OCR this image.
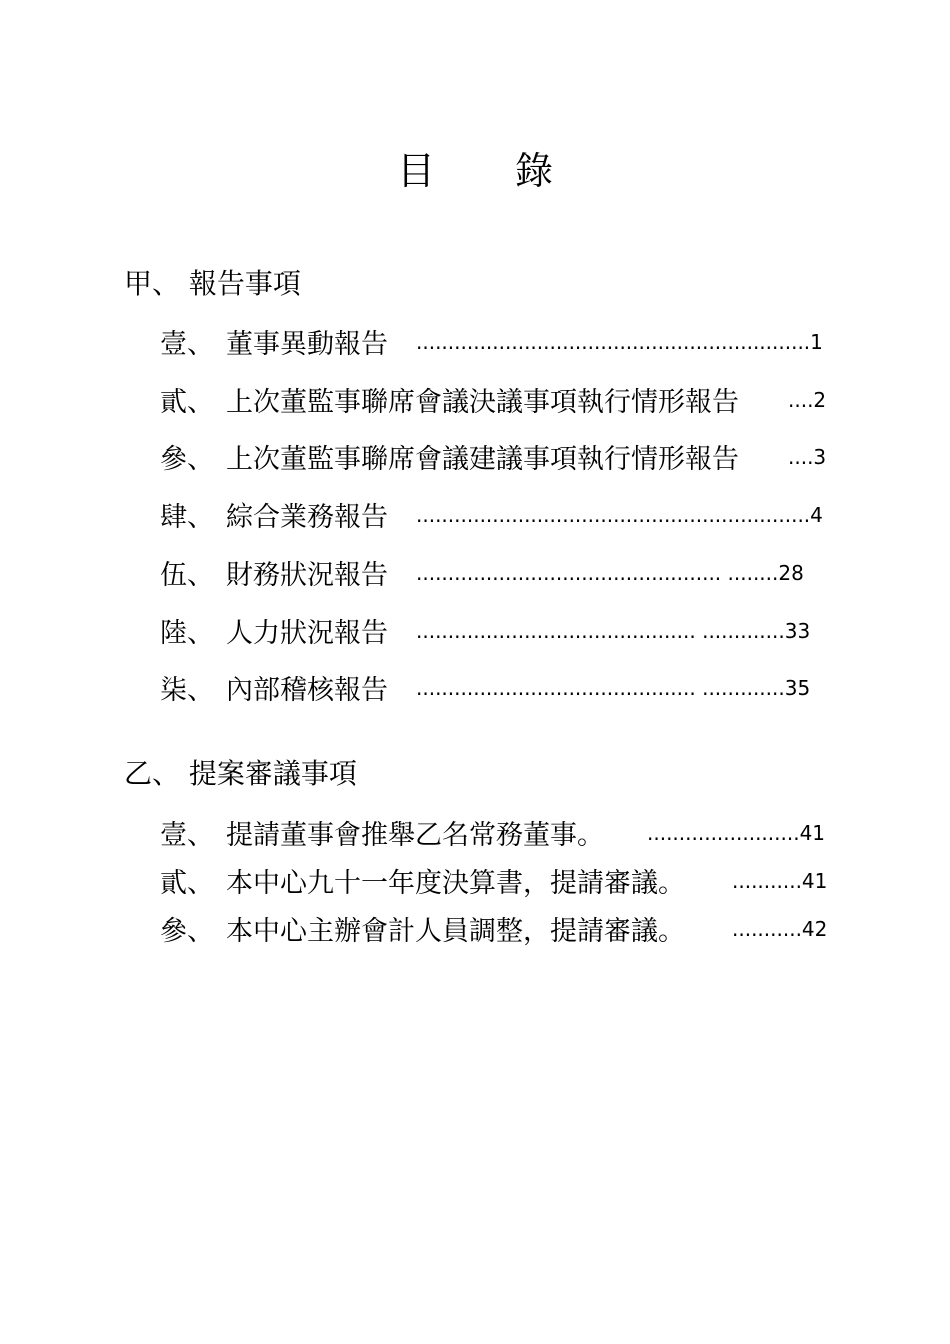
目 錄
甲、 報告事項
壹、 董事異動報告 ..............................................................1
貳、 上次董監事聯席會議決議事項執行情形報告 ....2
參、 上次董監事聯席會議建議事項執行情形報告 ....3
肆、 綜合業務報告 ..............................................................4
伍、 財務狀況報告 ................................................ ........28
陸、 人力狀況報告 ............................................ .............33
柒、 內部稽核報告 ............................................ .............35
乙、 提案審議事項
壹、 提請董事會推舉乙名常務董事。 ........................41
貳、 本中心九十一年度決算書，提請審議。 ...........41
參、 本中心主辦會計人員調整，提請審議。 ...........42
